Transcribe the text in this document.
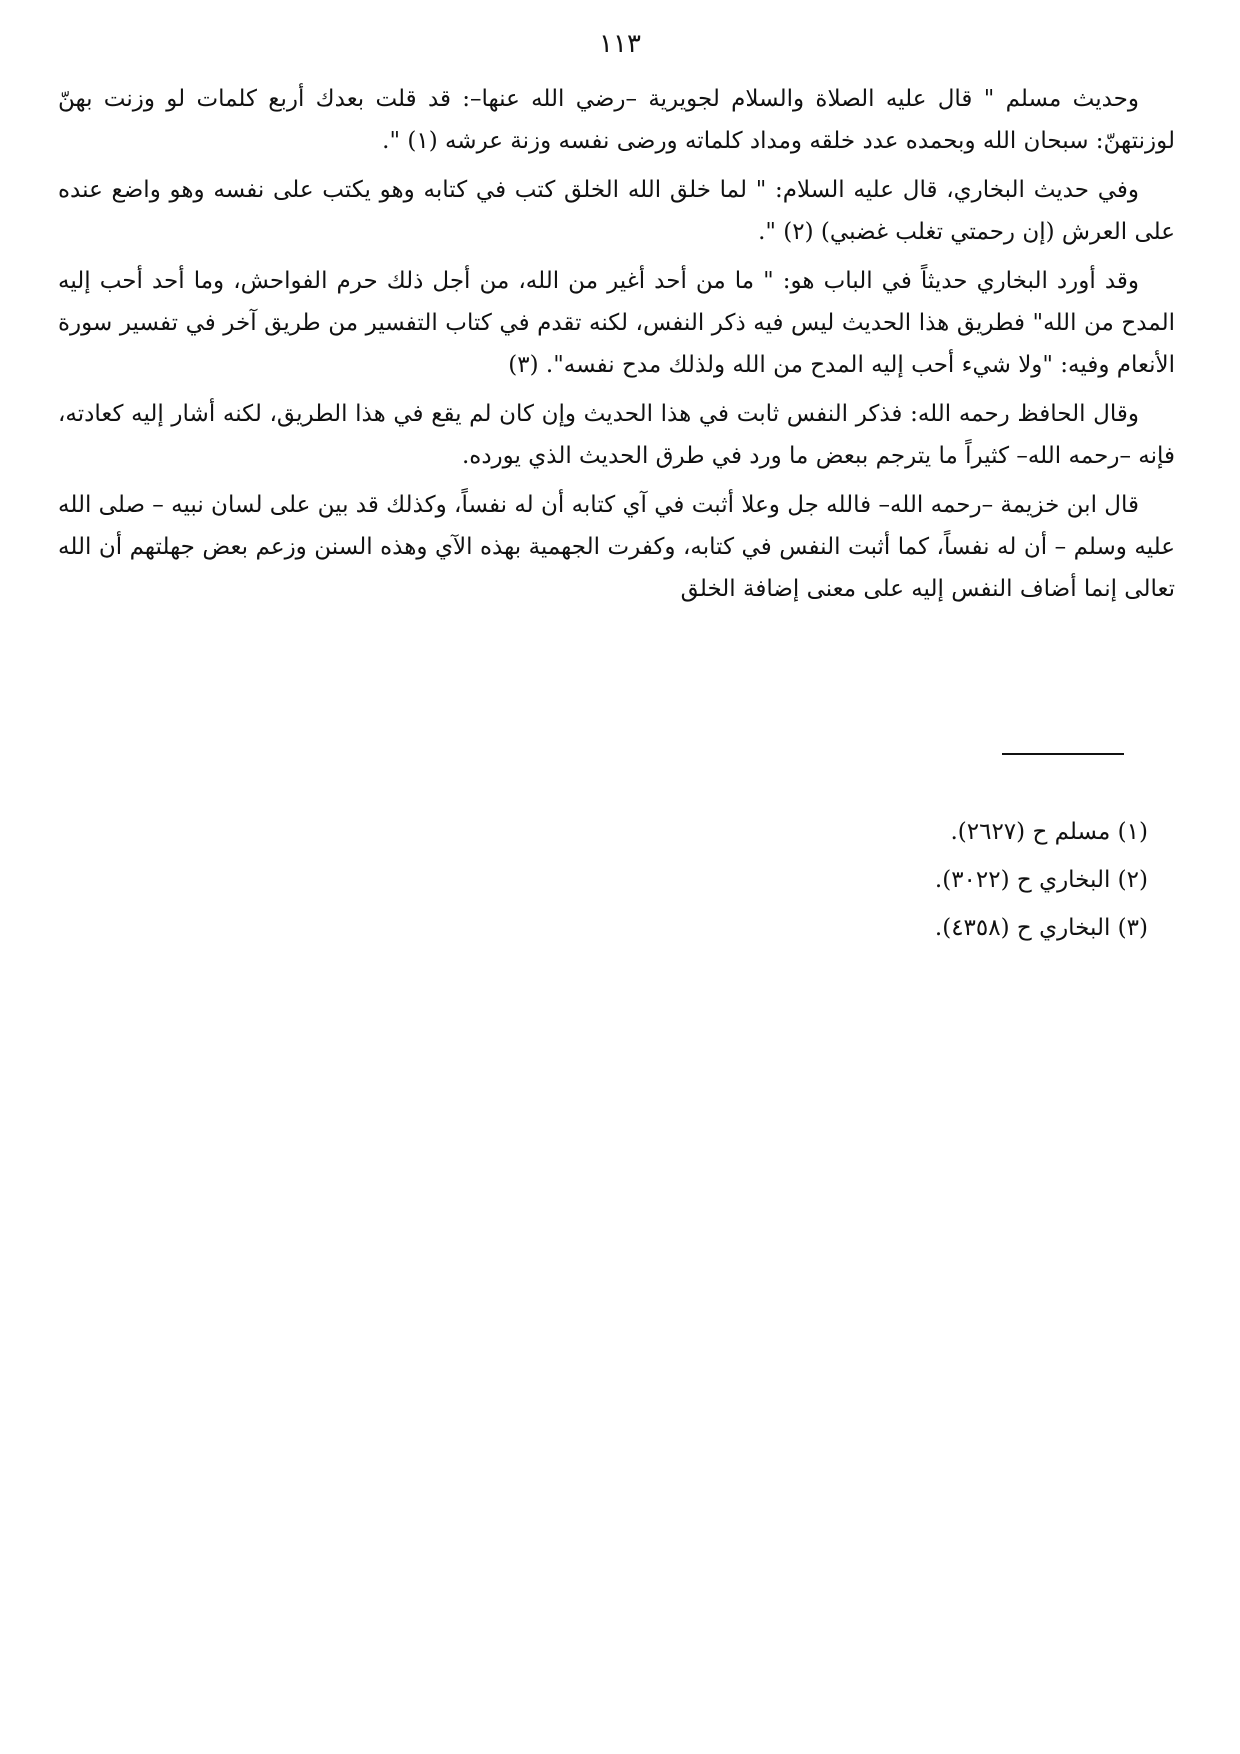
١١٣

وحديث مسلم " قال عليه الصلاة والسلام لجويرية –رضي الله عنها–: قد قلت بعدك أربع كلمات لو وزنت بهنّ لوزنتهنّ: سبحان الله وبحمده عدد خلقه ومداد كلماته ورضى نفسه وزنة عرشه (١) ".

وفي حديث البخاري، قال عليه السلام: " لما خلق الله الخلق كتب في كتابه وهو يكتب على نفسه وهو واضع عنده على العرش (إن رحمتي تغلب غضبي) (٢) ".

وقد أورد البخاري حديثاً في الباب هو: " ما من أحد أغير من الله، من أجل ذلك حرم الفواحش، وما أحد أحب إليه المدح من الله" فطريق هذا الحديث ليس فيه ذكر النفس، لكنه تقدم في كتاب التفسير من طريق آخر في تفسير سورة الأنعام وفيه: "ولا شيء أحب إليه المدح من الله ولذلك مدح نفسه". (٣)

وقال الحافظ رحمه الله: فذكر النفس ثابت في هذا الحديث وإن كان لم يقع في هذا الطريق، لكنه أشار إليه كعادته، فإنه –رحمه الله– كثيراً ما يترجم ببعض ما ورد في طرق الحديث الذي يورده.

قال ابن خزيمة –رحمه الله– فالله جل وعلا أثبت في آي كتابه أن له نفساً، وكذلك قد بين على لسان نبيه – صلى الله عليه وسلم – أن له نفساً، كما أثبت النفس في كتابه، وكفرت الجهمية بهذه الآي وهذه السنن وزعم بعض جهلتهم أن الله تعالى إنما أضاف النفس إليه على معنى إضافة الخلق

(١) مسلم ح (٢٦٢٧).

(٢) البخاري ح (٣٠٢٢).

(٣) البخاري ح (٤٣٥٨).
